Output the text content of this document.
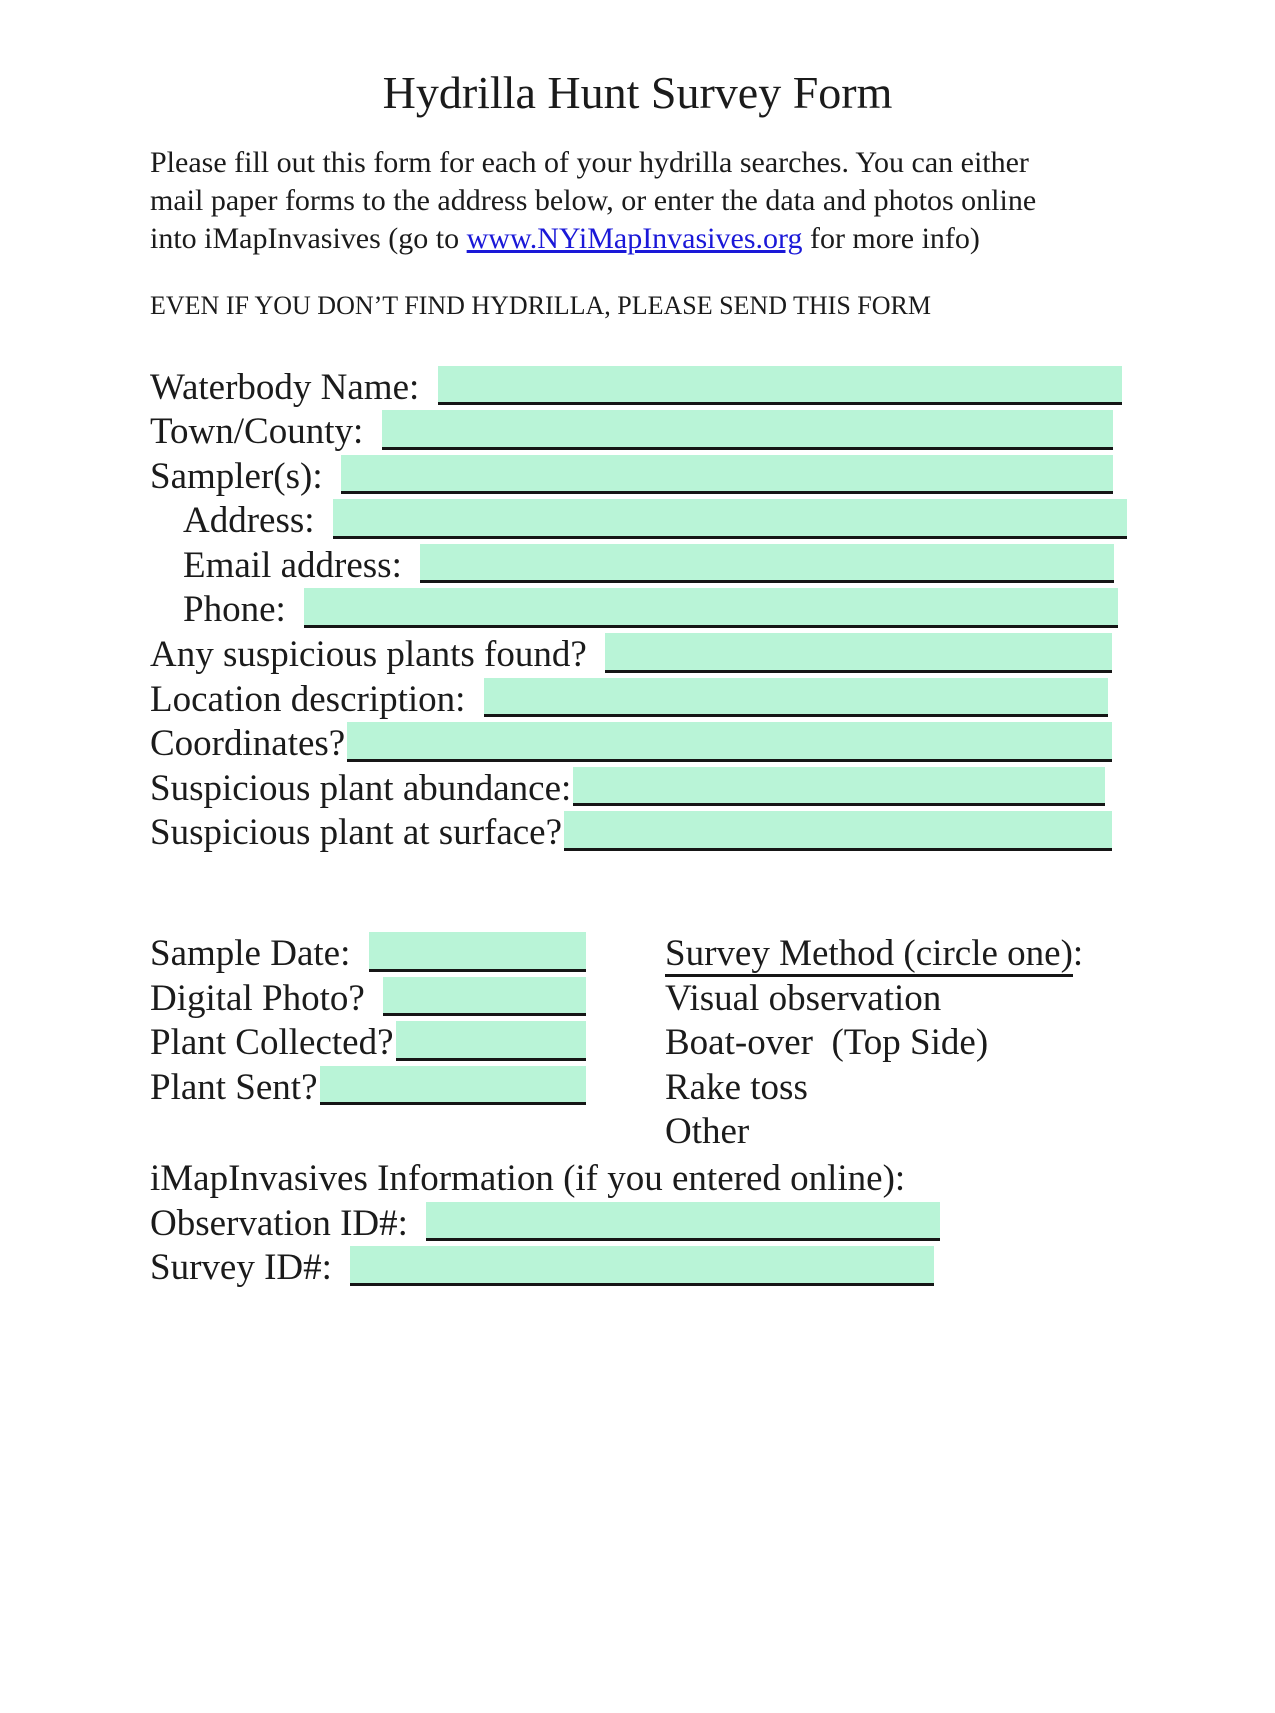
Hydrilla Hunt Survey Form
Please fill out this form for each of your hydrilla searches. You can either
mail paper forms to the address below, or enter the data and photos online
into iMapInvasives (go to www.NYiMapInvasives.org for more info)
EVEN IF YOU DON’T FIND HYDRILLA, PLEASE SEND THIS FORM
Waterbody Name:
Town/County:
Sampler(s):
Address:
Email address:
Phone:
Any suspicious plants found?
Location description:
Coordinates?
Suspicious plant abundance:
Suspicious plant at surface?
Sample Date:
Digital Photo?
Plant Collected?
Plant Sent?
Survey Method (circle one):
Visual observation
Boat-over  (Top Side)
Rake toss
Other
iMapInvasives Information (if you entered online):
Observation ID#:
Survey ID#:
